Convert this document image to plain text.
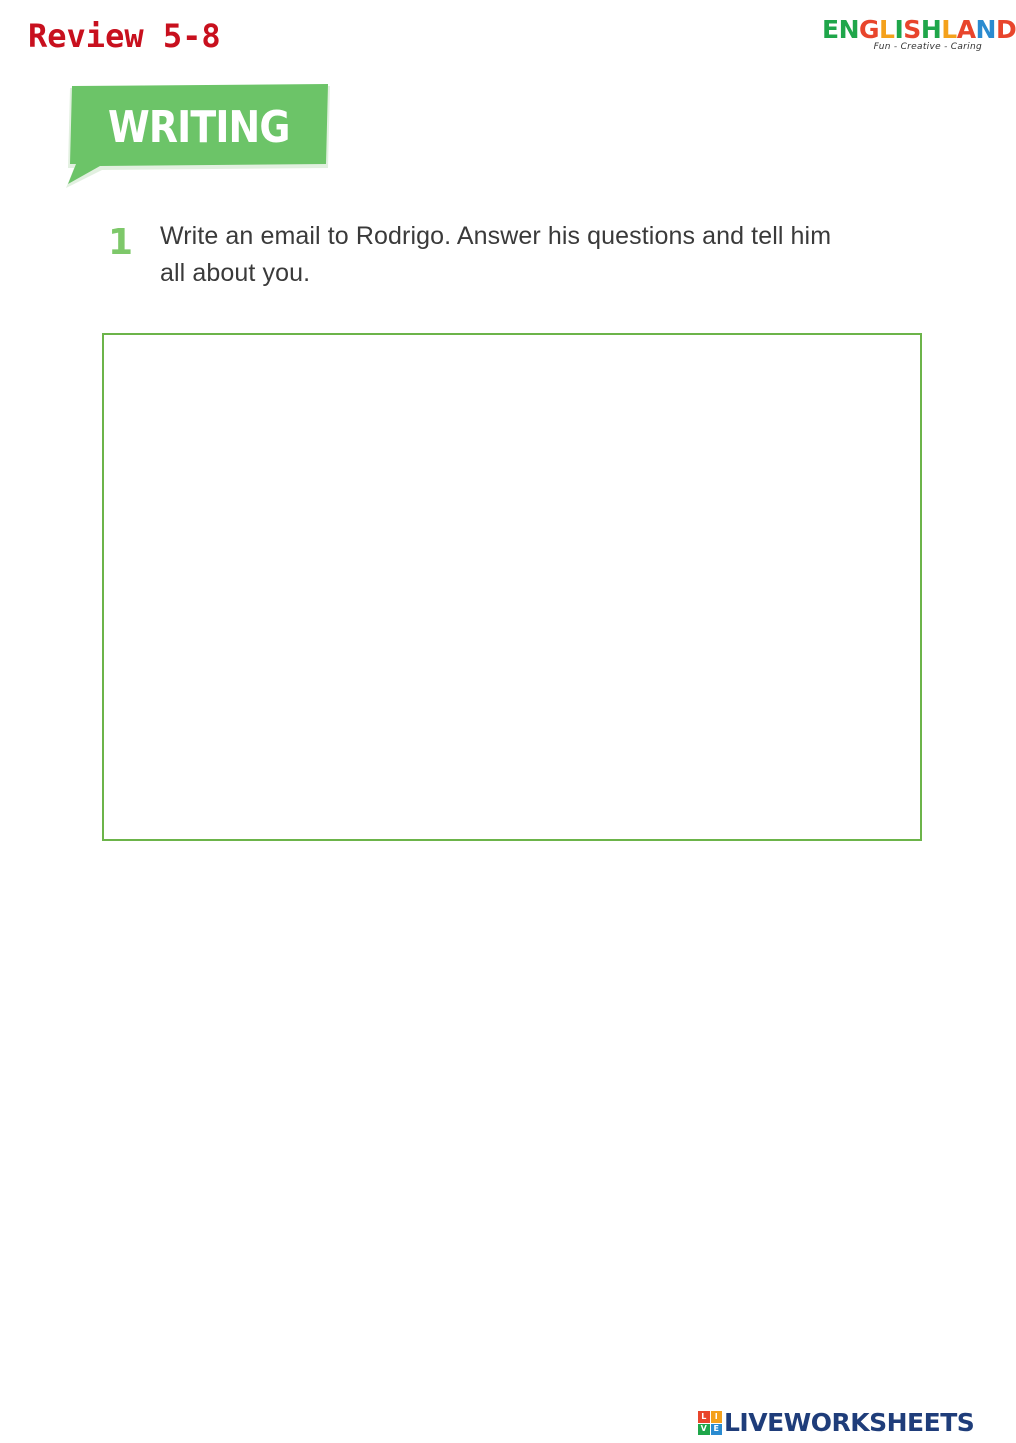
Review 5-8	ENGLISHLAND
Fun - Creative - Caring
WRITING
1 Write an email to Rodrigo. Answer his questions and tell him all about you.
L	I
V E LIVEWORKSHEETS
